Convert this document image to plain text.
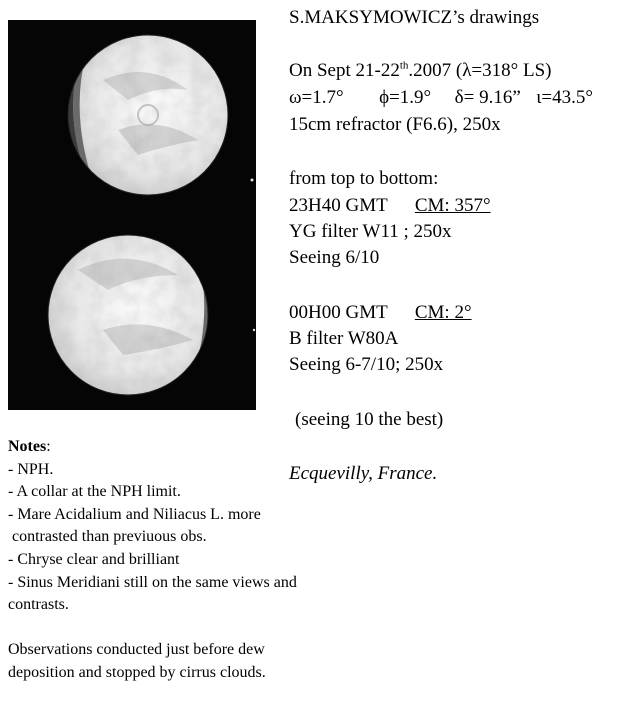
S.MAKSYMOWICZ’s drawings
On Sept 21-22th.2007 (λ=318° LS)
ω=1.7° ϕ=1.9° δ= 9.16” ι=43.5°
15cm refractor (F6.6), 250x
from top to bottom:
23H40 GMT CM: 357°
YG filter W11 ; 250x
Seeing 6/10
00H00 GMT CM: 2°
B filter W80A
Seeing 6-7/10; 250x
(seeing 10 the best)
Ecquevilly, France.
Notes:
- NPH.
- A collar at the NPH limit.
- Mare Acidalium and Niliacus L. more
contrasted than previuous obs.
- Chryse clear and brilliant
- Sinus Meridiani still on the same views and
contrasts.
Observations conducted just before dew
deposition and stopped by cirrus clouds.
